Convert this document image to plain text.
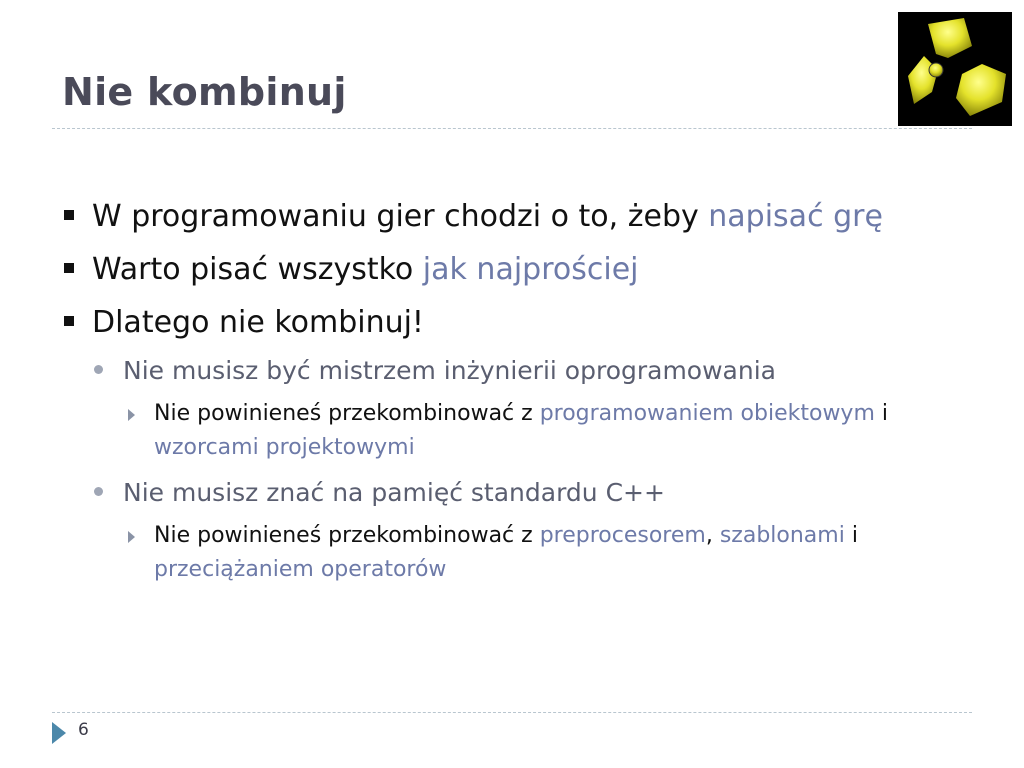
Nie kombinuj
W programowaniu gier chodzi o to, żeby napisać grę
Warto pisać wszystko jak najprościej
Dlatego nie kombinuj!
Nie musisz być mistrzem inżynierii oprogramowania
Nie powinieneś przekombinować z programowaniem obiektowym i wzorcami projektowymi
Nie musisz znać na pamięć standardu C++
Nie powinieneś przekombinować z preprocesorem, szablonami i przeciążaniem operatorów
6
